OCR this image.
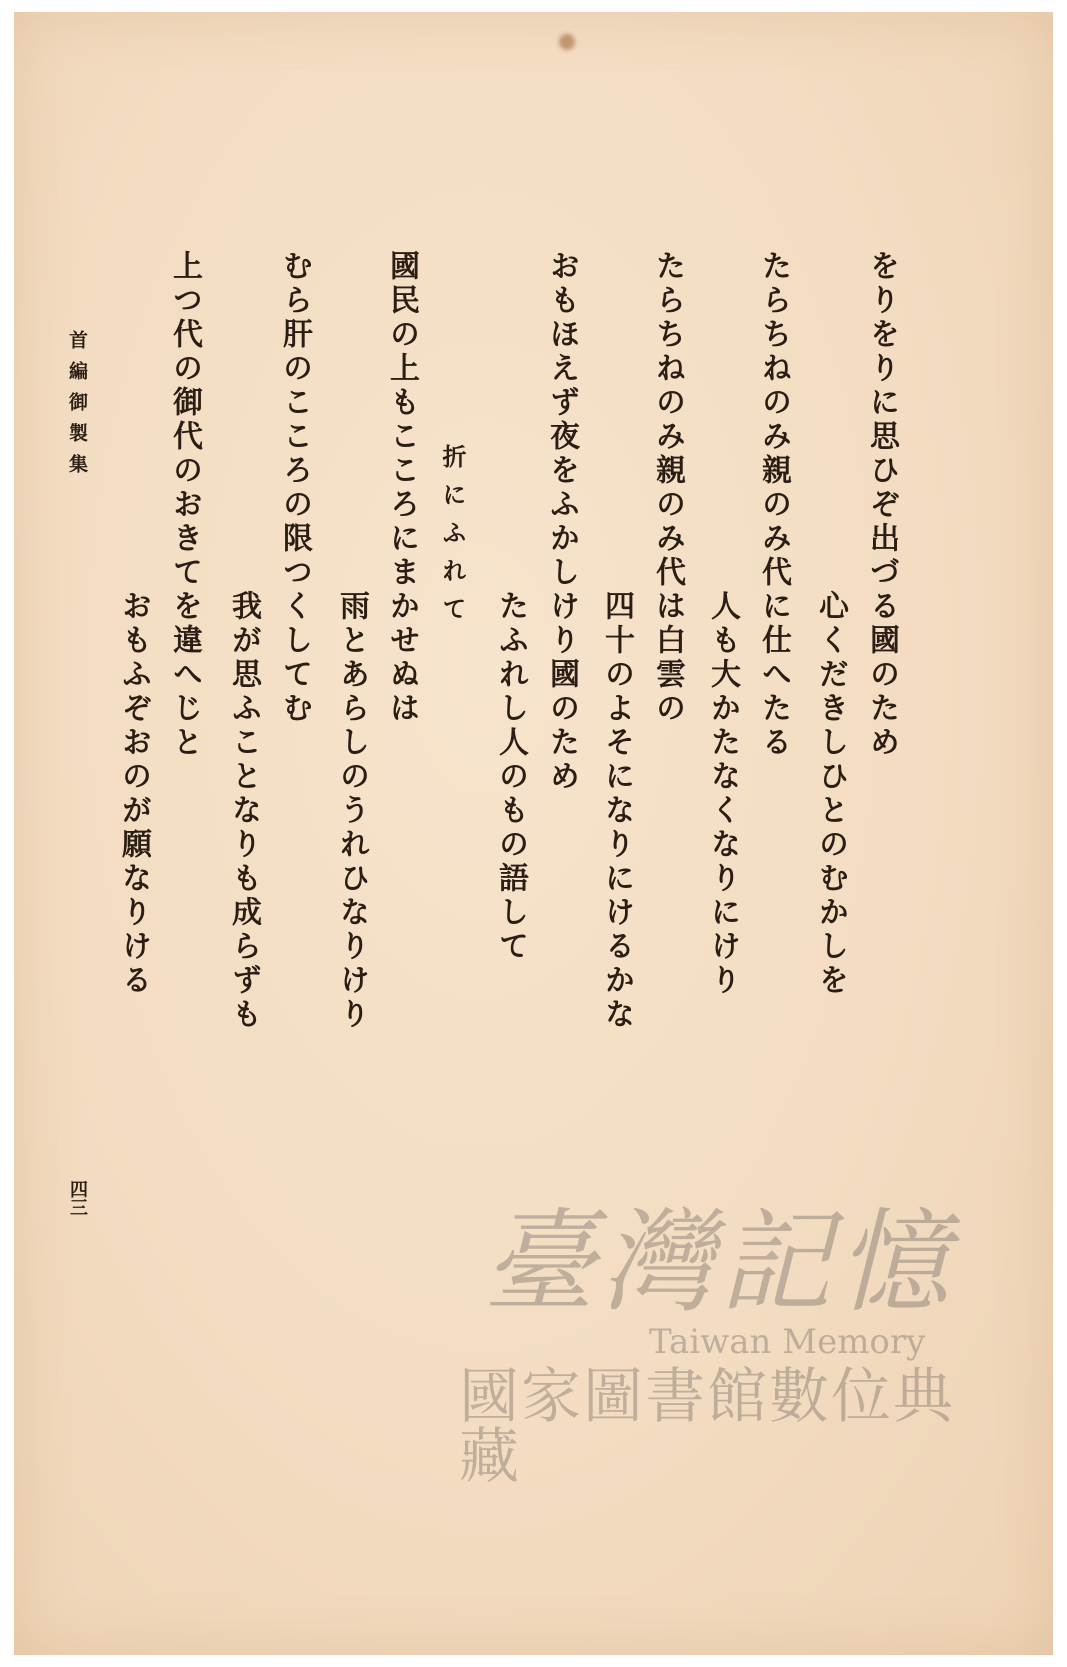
をりをりに思ひぞ出づる國のため
心くだきしひとのむかしを
たらちねのみ親のみ代に仕へたる
人も大かたなくなりにけり
たらちねのみ親のみ代は白雲の
四十のよそになりにけるかな
おもほえず夜をふかしけり國のため
たふれし人のもの語して
折にふれて
國民の上もこころにまかせぬは
雨とあらしのうれひなりけり
むら肝のこころの限つくしてむ
我が思ふことなりも成らずも
上つ代の御代のおきてを違へじと
おもふぞおのが願なりける
首編御製集
四三	臺灣記憶
Taiwan Memory
國家圖書館數位典藏
